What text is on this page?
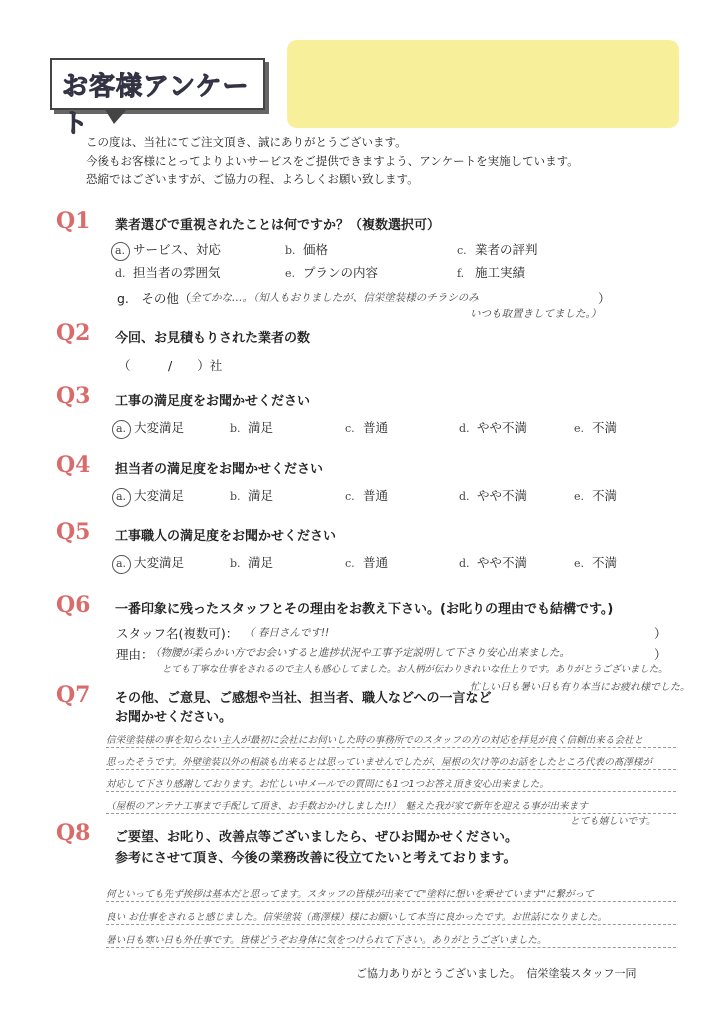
お客様アンケート
この度は、当社にてご注文頂き、誠にありがとうございます。
今後もお客様にとってよりよいサービスをご提供できますよう、アンケートを実施しています。
恐縮ではございますが、ご協力の程、よろしくお願い致します。
Q1 業者選びで重視されたことは何ですか？（複数選択可）
a. サービス、対応	b. 価格	c. 業者の評判
d. 担当者の雰囲気	e. プランの内容	f. 施工実績
g.　その他（
全てかな…。（知人もおりましたが、信栄塗装様のチラシのみ	）
いつも取置きしてました。）
Q2 今回、お見積もりされた業者の数
（　　　/　　）社
Q3 工事の満足度をお聞かせください
a. 大変満足	b. 満足	c. 普通	d. やや不満	e. 不満
Q4 担当者の満足度をお聞かせください
a. 大変満足	b. 満足	c. 普通	d. やや不満	e. 不満
Q5 工事職人の満足度をお聞かせください
a. 大変満足	b. 満足	c. 普通	d. やや不満	e. 不満
Q6 一番印象に残ったスタッフとその理由をお教え下さい。(お叱りの理由でも結構です。)
スタッフ名(複数可)： （ 春日さんです!!	）
理由：
（物腰が柔らかい方でお会いすると進捗状況や工事予定説明して下さり安心出来ました。	）
とても丁寧な仕事をされるので主人も感心してました。お人柄が伝わりきれいな仕上りです。ありがとうございました。
忙しい日も暑い日も有り本当にお疲れ様でした。
Q7 その他、ご意見、ご感想や当社、担当者、職人などへの一言など
お聞かせください。
信栄塗装様の事を知らない主人が最初に会社にお伺いした時の事務所でのスタッフの方の対応を拝見が良く信頼出来る会社と
思ったそうです。外壁塗装以外の相談も出来るとは思っていませんでしたが、屋根の欠け等のお話をしたところ代表の髙澤様が
対応して下さり感謝しております。お忙しい中メールでの質問にも1つ1つお答え頂き安心出来ました。
（屋根のアンテナ工事まで手配して頂き、お手数おかけしました!!）　魅えた我が家で新年を迎える事が出来ます
とても嬉しいです。
Q8 ご要望、お叱り、改善点等ございましたら、ぜひお聞かせください。
参考にさせて頂き、今後の業務改善に役立てたいと考えております。
何といっても先ず挨拶は基本だと思ってます。スタッフの皆様が出来てて"塗料に想いを乗せています"に繋がって
良い お仕事をされると感じました。信栄塗装（髙澤様）様にお願いして本当に良かったです。お世話になりました。
暑い日も寒い日も外仕事です。皆様どうぞお身体に気をつけられて下さい。ありがとうございました。
ご協力ありがとうございました。　信栄塗装スタッフ一同
